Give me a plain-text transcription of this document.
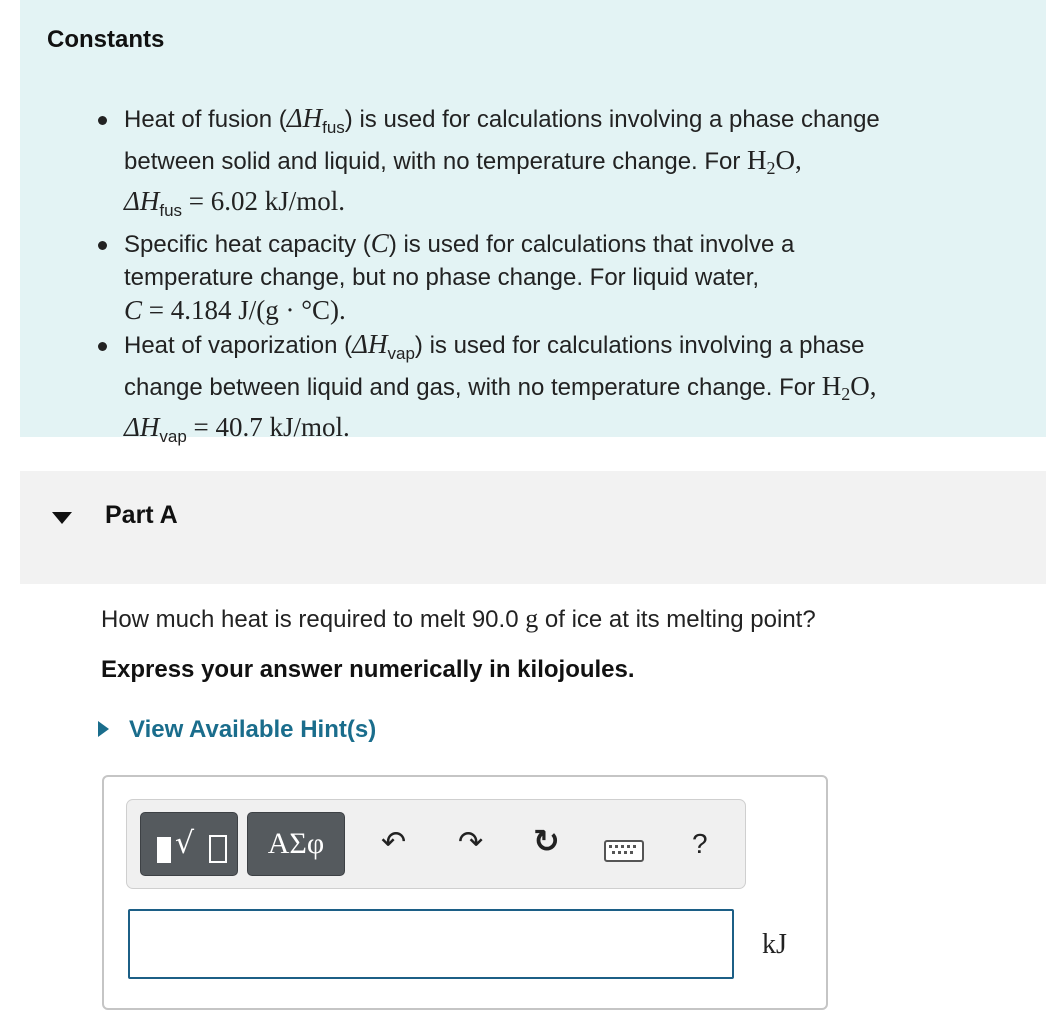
Constants
Heat of fusion $(\Delta H_{fus})$ is used for calculations involving a phase change
between solid and liquid, with no temperature change. For H2O,
$\Delta H_{fus} = 6.02$ kJ/mol.
Specific heat capacity (C) is used for calculations that involve a
temperature change, but no phase change. For liquid water,
C = 4.184 J/(g · °C).
Heat of vaporization $(\Delta H_{vap})$ is used for calculations involving a phase
change between liquid and gas, with no temperature change. For H2O,
$\Delta H_{vap} = 40.7$ kJ/mol.
Part A
How much heat is required to melt 90.0 g of ice at its melting point?
Express your answer numerically in kilojoules.
View Available Hint(s)
√	ΑΣφ	↶ ↷ ↻	?
kJ
